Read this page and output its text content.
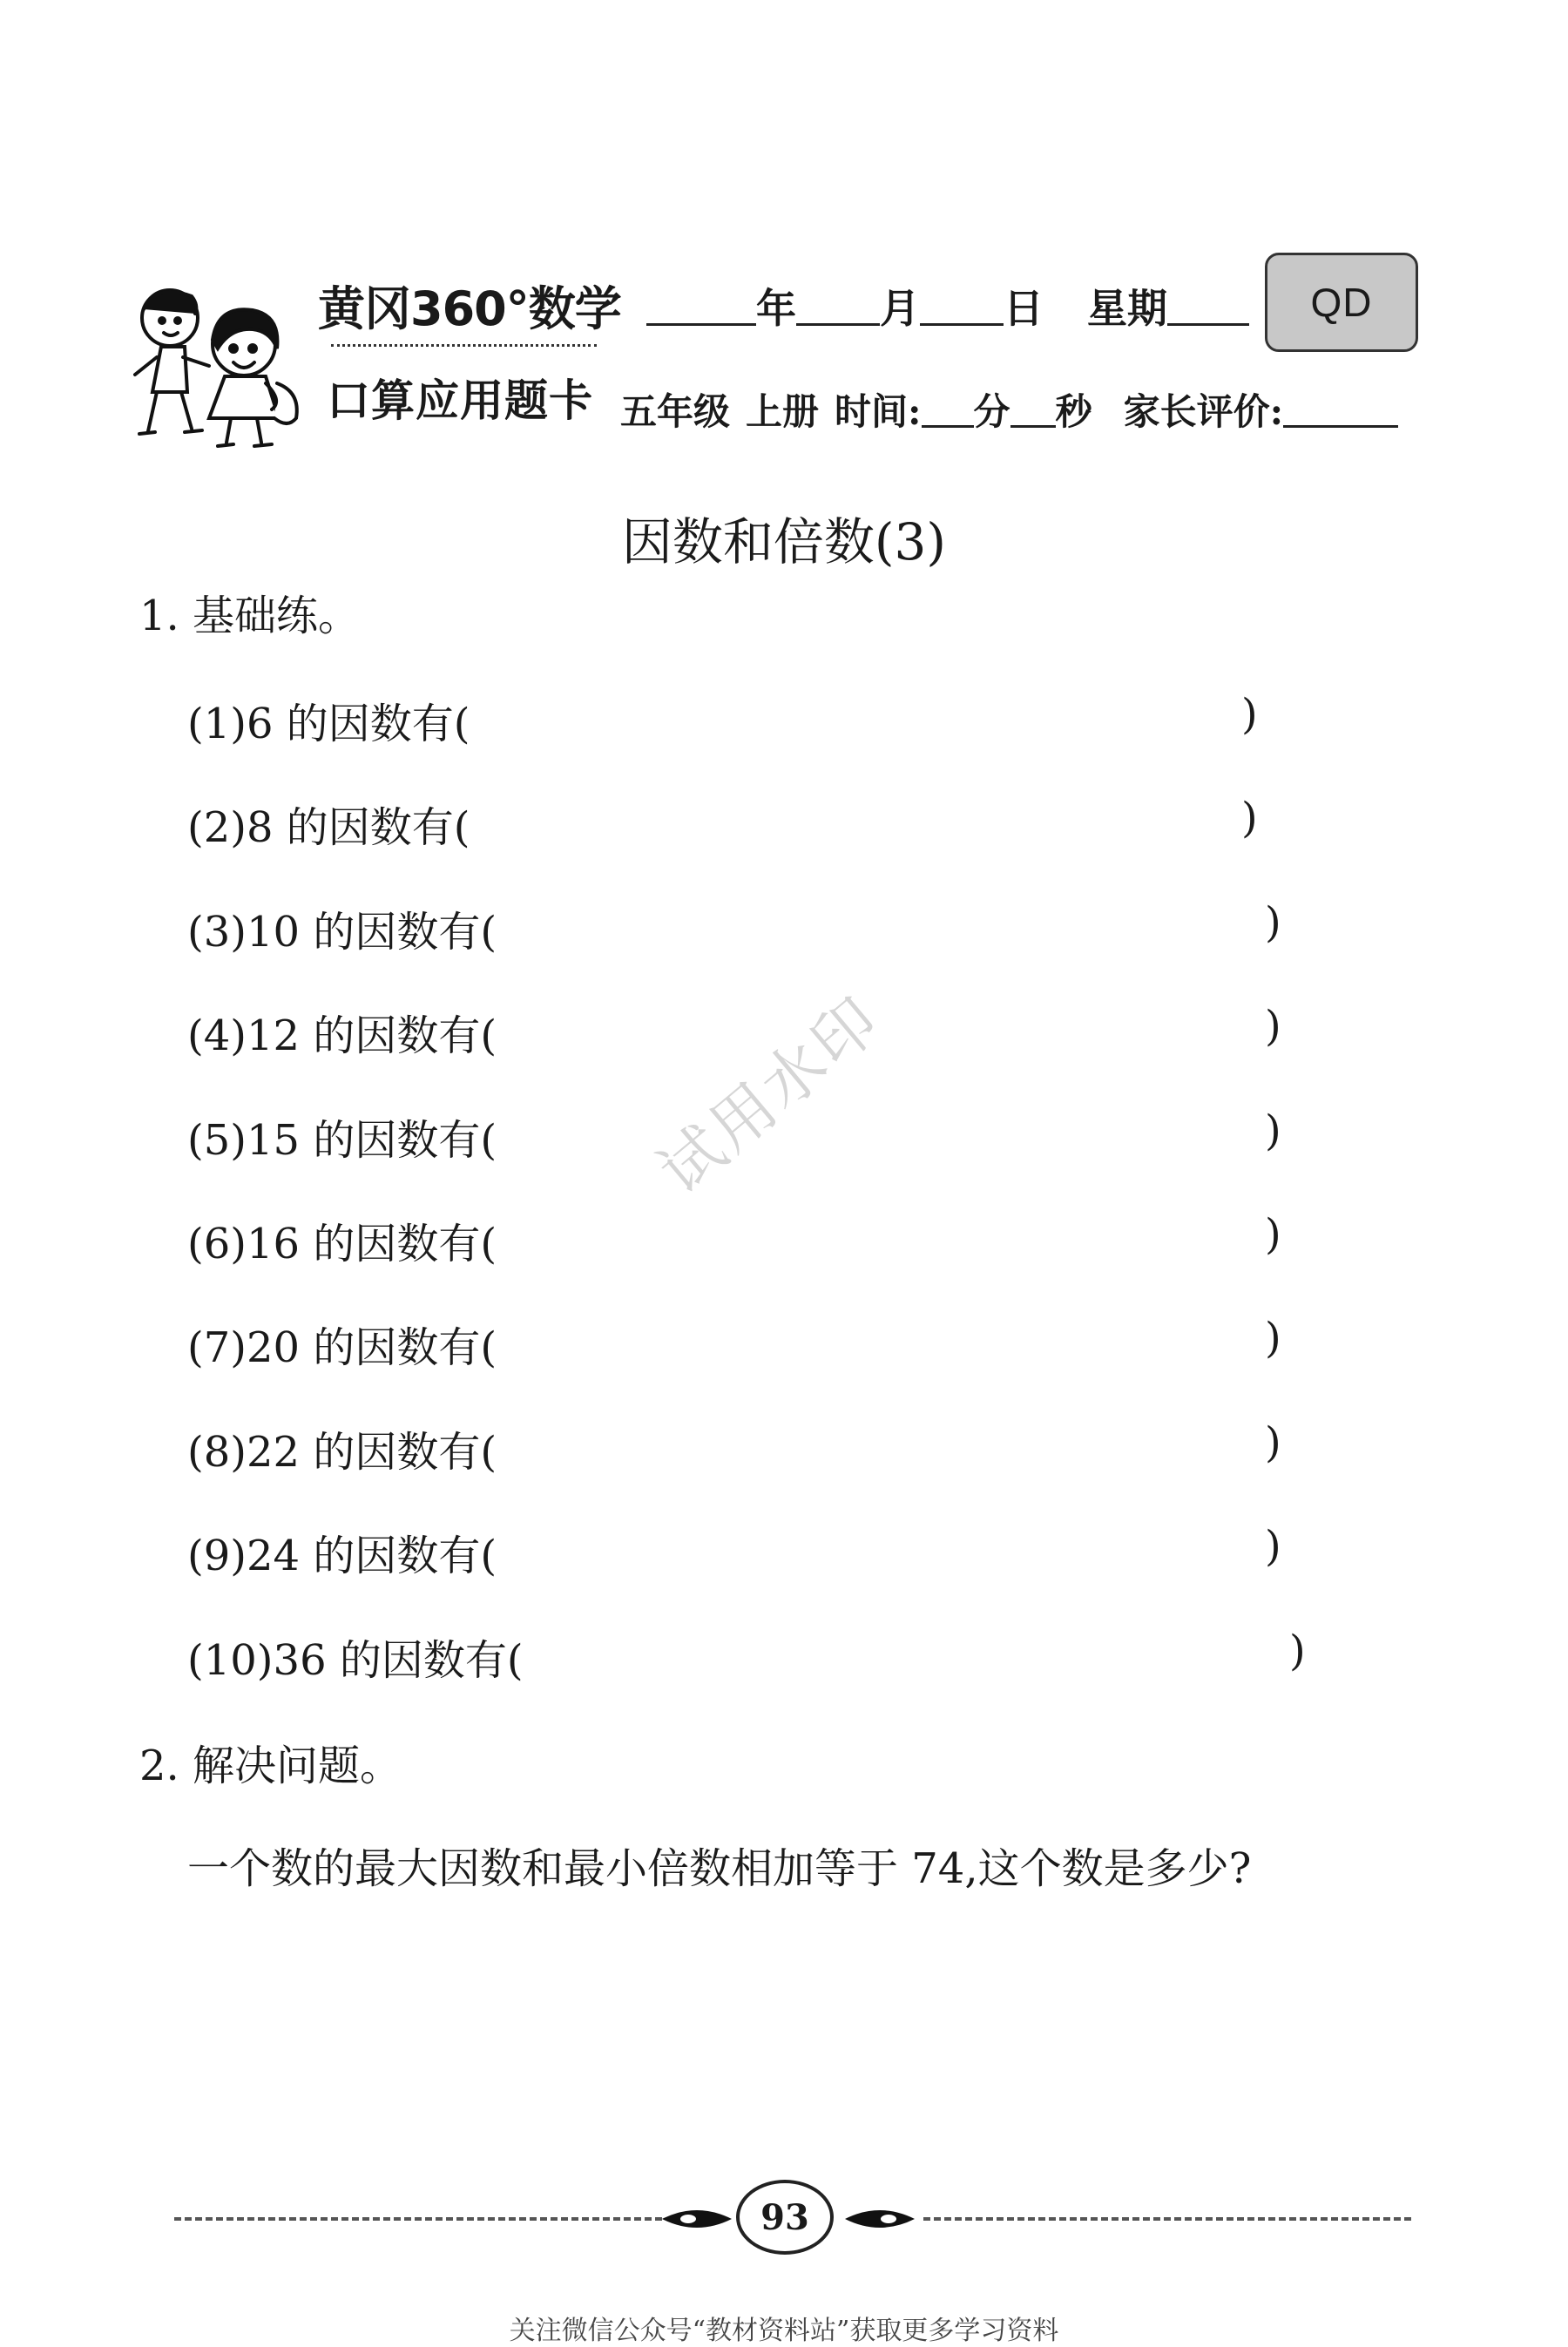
黄冈360°数学
口算应用题卡
年 月 日 星期	QD
五年级 上册 时间: 分 秒 家长评价:
因数和倍数(3)
1. 基础练。
(1)6 的因数有(	)
(2)8 的因数有(	)
(3)10 的因数有(	)
(4)12 的因数有(	)
(5)15 的因数有(	)
(6)16 的因数有(	)
(7)20 的因数有(	)
(8)22 的因数有(	)
(9)24 的因数有(	)
(10)36 的因数有(	)
2. 解决问题。
一个数的最大因数和最小倍数相加等于 74,这个数是多少?
试用水印
93
关注微信公众号“教材资料站”获取更多学习资料
